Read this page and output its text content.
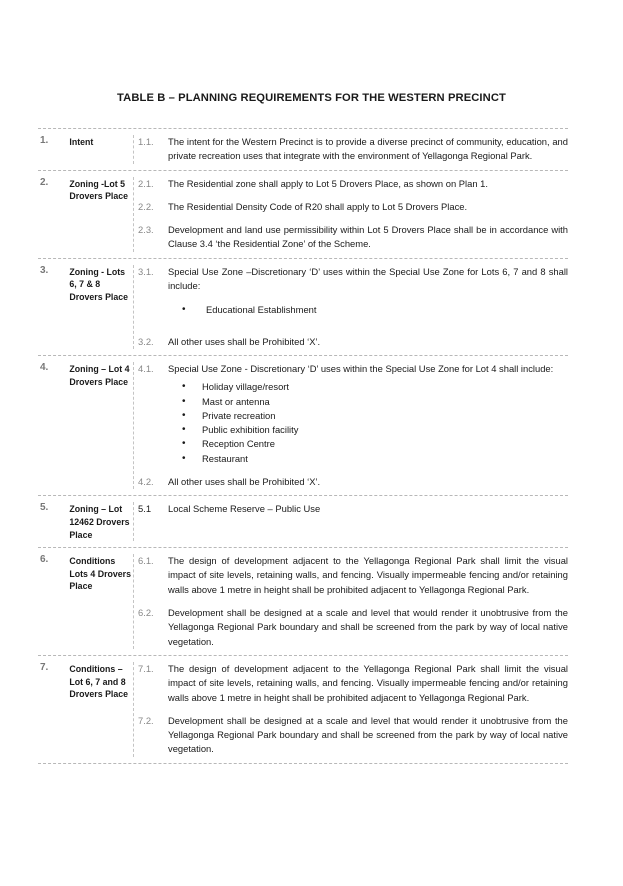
TABLE B – PLANNING REQUIREMENTS FOR THE WESTERN PRECINCT
1.	Intent	1.1.	The intent for the Western Precinct is to provide a diverse precinct of community, education, and private recreation uses that integrate with the environment of Yellagonga Regional Park.

2.	Zoning -Lot 5 Drovers Place
2.1.	The Residential zone shall apply to Lot 5 Drovers Place, as shown on Plan 1.

2.2.	The Residential Density Code of R20 shall apply to Lot 5 Drovers Place.

2.3.	Development and land use permissibility within Lot 5 Drovers Place shall be in accordance with Clause 3.4 ‘the Residential Zone’ of the Scheme.

3.	Zoning - Lots 6, 7 & 8 Drovers Place
3.1.	Special Use Zone –Discretionary ‘D’ uses within the Special Use Zone for Lots 6, 7 and 8 shall include:

• Educational Establishment
3.2.	All other uses shall be Prohibited ‘X’.

4.	Zoning – Lot 4 Drovers Place
4.1.	Special Use Zone - Discretionary ‘D’ uses within the Special Use Zone for Lot 4 shall include:

• Holiday village/resort
• Mast or antenna
• Private recreation
• Public exhibition facility
• Reception Centre
• Restaurant
4.2.	All other uses shall be Prohibited ‘X’.

5.	Zoning – Lot 12462 Drovers Place
5.1	Local Scheme Reserve – Public Use

6.	Conditions Lots 4 Drovers Place
6.1.	The design of development adjacent to the Yellagonga Regional Park shall limit the visual impact of site levels, retaining walls, and fencing. Visually impermeable fencing and/or retaining walls above 1 metre in height shall be prohibited adjacent to Yellagonga Regional Park.

6.2.	Development shall be designed at a scale and level that would render it unobtrusive from the Yellagonga Regional Park boundary and shall be screened from the park by way of local native vegetation.

7.	Conditions – Lot 6, 7 and 8 Drovers Place
7.1.	The design of development adjacent to the Yellagonga Regional Park shall limit the visual impact of site levels, retaining walls, and fencing. Visually impermeable fencing and/or retaining walls above 1 metre in height shall be prohibited adjacent to Yellagonga Regional Park.

7.2.	Development shall be designed at a scale and level that would render it unobtrusive from the Yellagonga Regional Park boundary and shall be screened from the park by way of local native vegetation.
